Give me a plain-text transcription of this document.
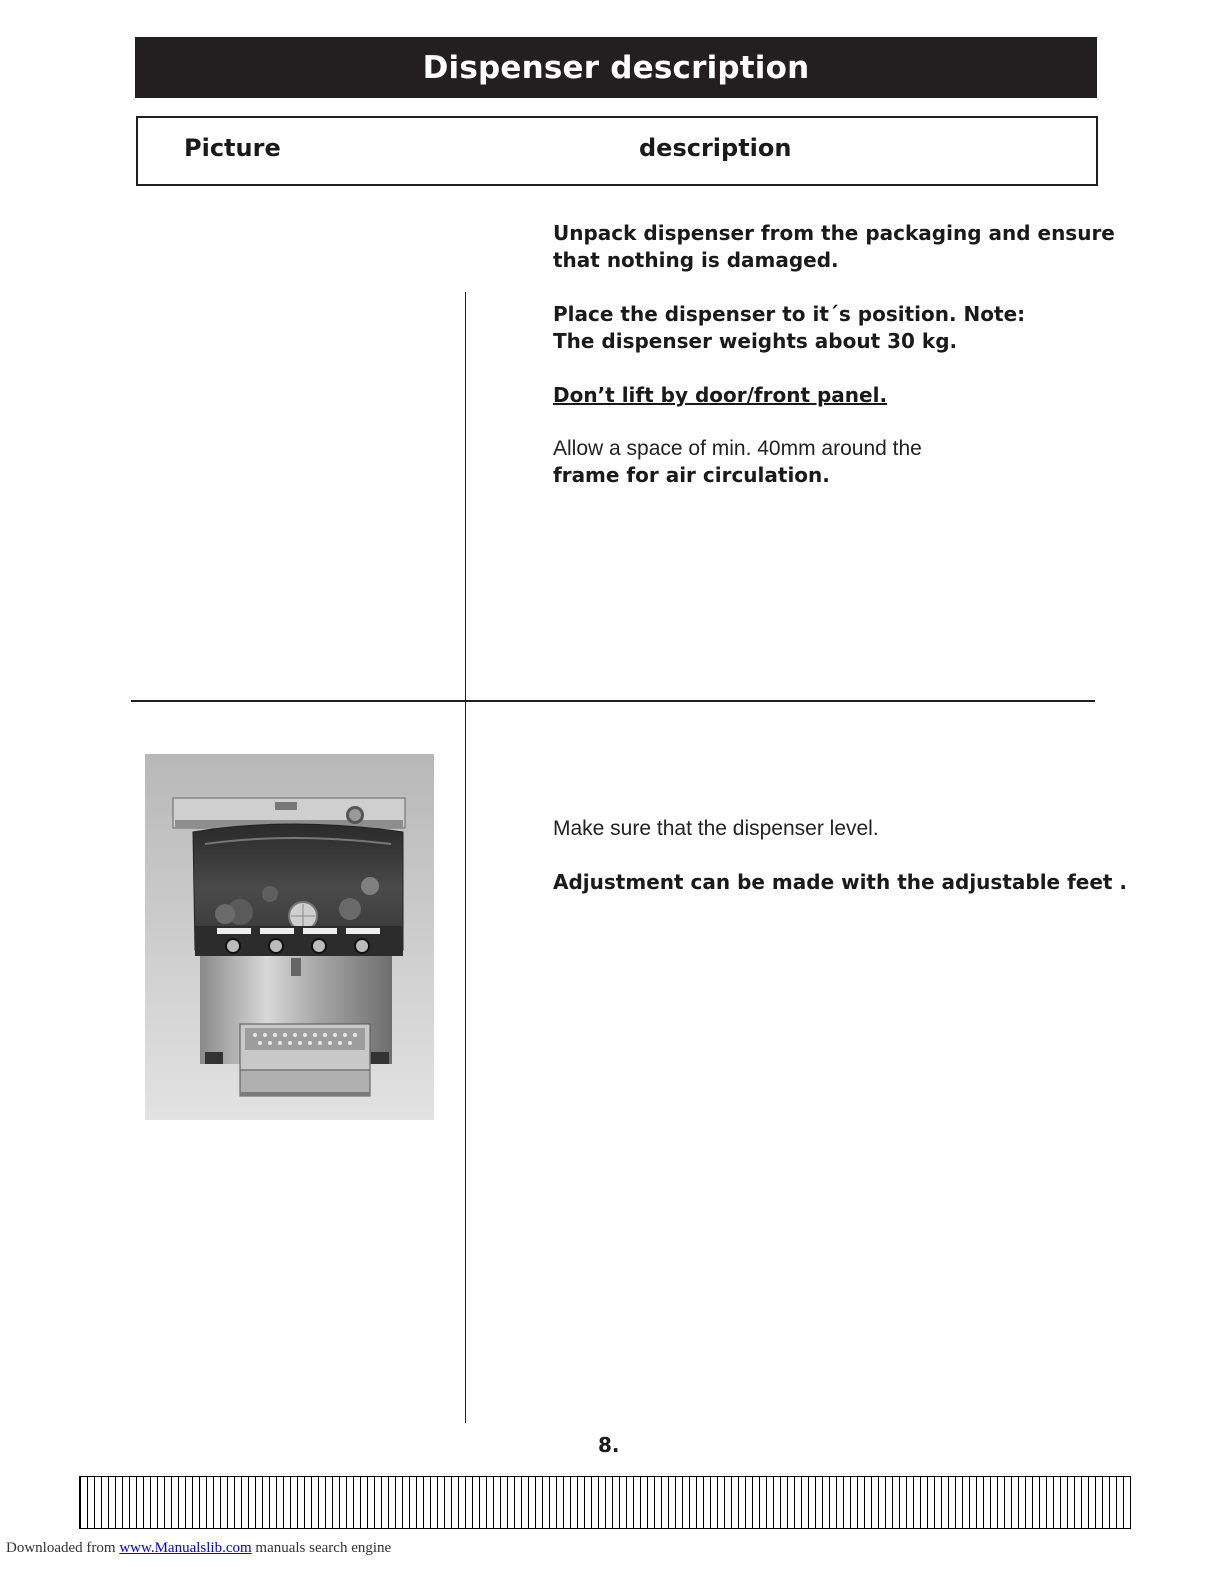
Dispenser description
Picture	description
Unpack dispenser from the packaging and ensure
that nothing is damaged.
Place the dispenser to it´s position. Note:
The dispenser weights about 30 kg.
Don’t lift by door/front panel.
Allow a space of min. 40mm around the
frame for air circulation.
Make sure that the dispenser level.
Adjustment can be made with the adjustable feet .
8.
Downloaded from www.Manualslib.com manuals search engine
